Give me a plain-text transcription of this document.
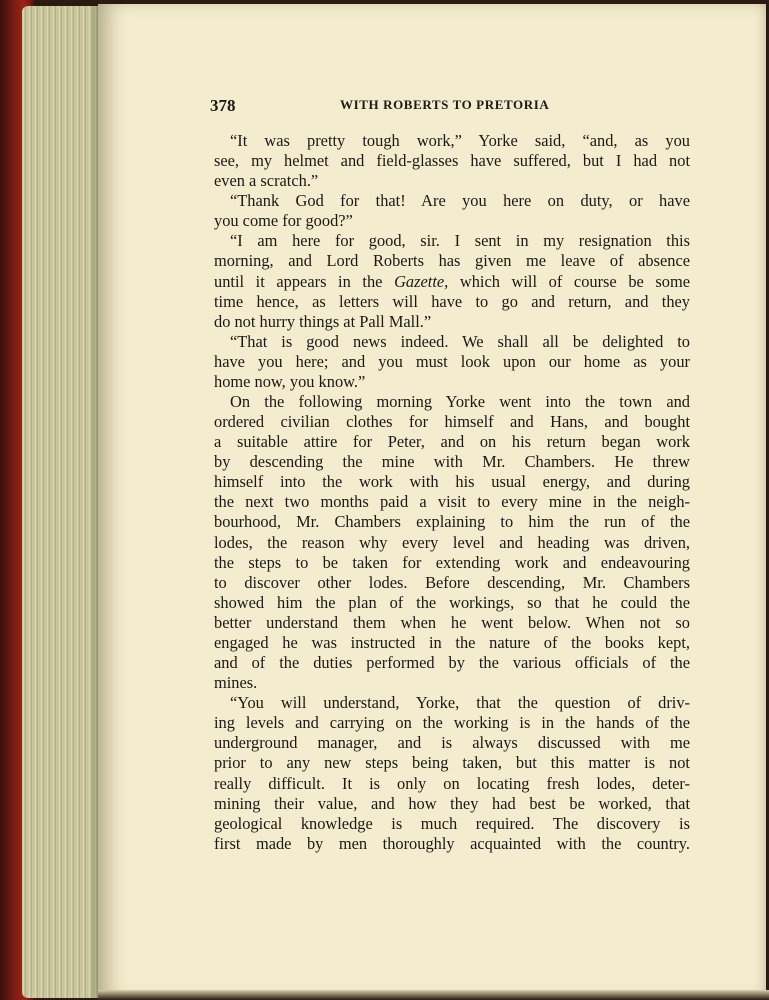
378	WITH ROBERTS TO PRETORIA
“It was pretty tough work,” Yorke said, “and, as you
see, my helmet and field-glasses have suffered, but I had not
even a scratch.”
“Thank God for that! Are you here on duty, or have
you come for good?”
“I am here for good, sir. I sent in my resignation this
morning, and Lord Roberts has given me leave of absence
until it appears in the Gazette, which will of course be some
time hence, as letters will have to go and return, and they
do not hurry things at Pall Mall.”
“That is good news indeed. We shall all be delighted to
have you here; and you must look upon our home as your
home now, you know.”
On the following morning Yorke went into the town and
ordered civilian clothes for himself and Hans, and bought
a suitable attire for Peter, and on his return began work
by descending the mine with Mr. Chambers. He threw
himself into the work with his usual energy, and during
the next two months paid a visit to every mine in the neigh-
bourhood, Mr. Chambers explaining to him the run of the
lodes, the reason why every level and heading was driven,
the steps to be taken for extending work and endeavouring
to discover other lodes. Before descending, Mr. Chambers
showed him the plan of the workings, so that he could the
better understand them when he went below. When not so
engaged he was instructed in the nature of the books kept,
and of the duties performed by the various officials of the
mines.
“You will understand, Yorke, that the question of driv-
ing levels and carrying on the working is in the hands of the
underground manager, and is always discussed with me
prior to any new steps being taken, but this matter is not
really difficult. It is only on locating fresh lodes, deter-
mining their value, and how they had best be worked, that
geological knowledge is much required. The discovery is
first made by men thoroughly acquainted with the country.
